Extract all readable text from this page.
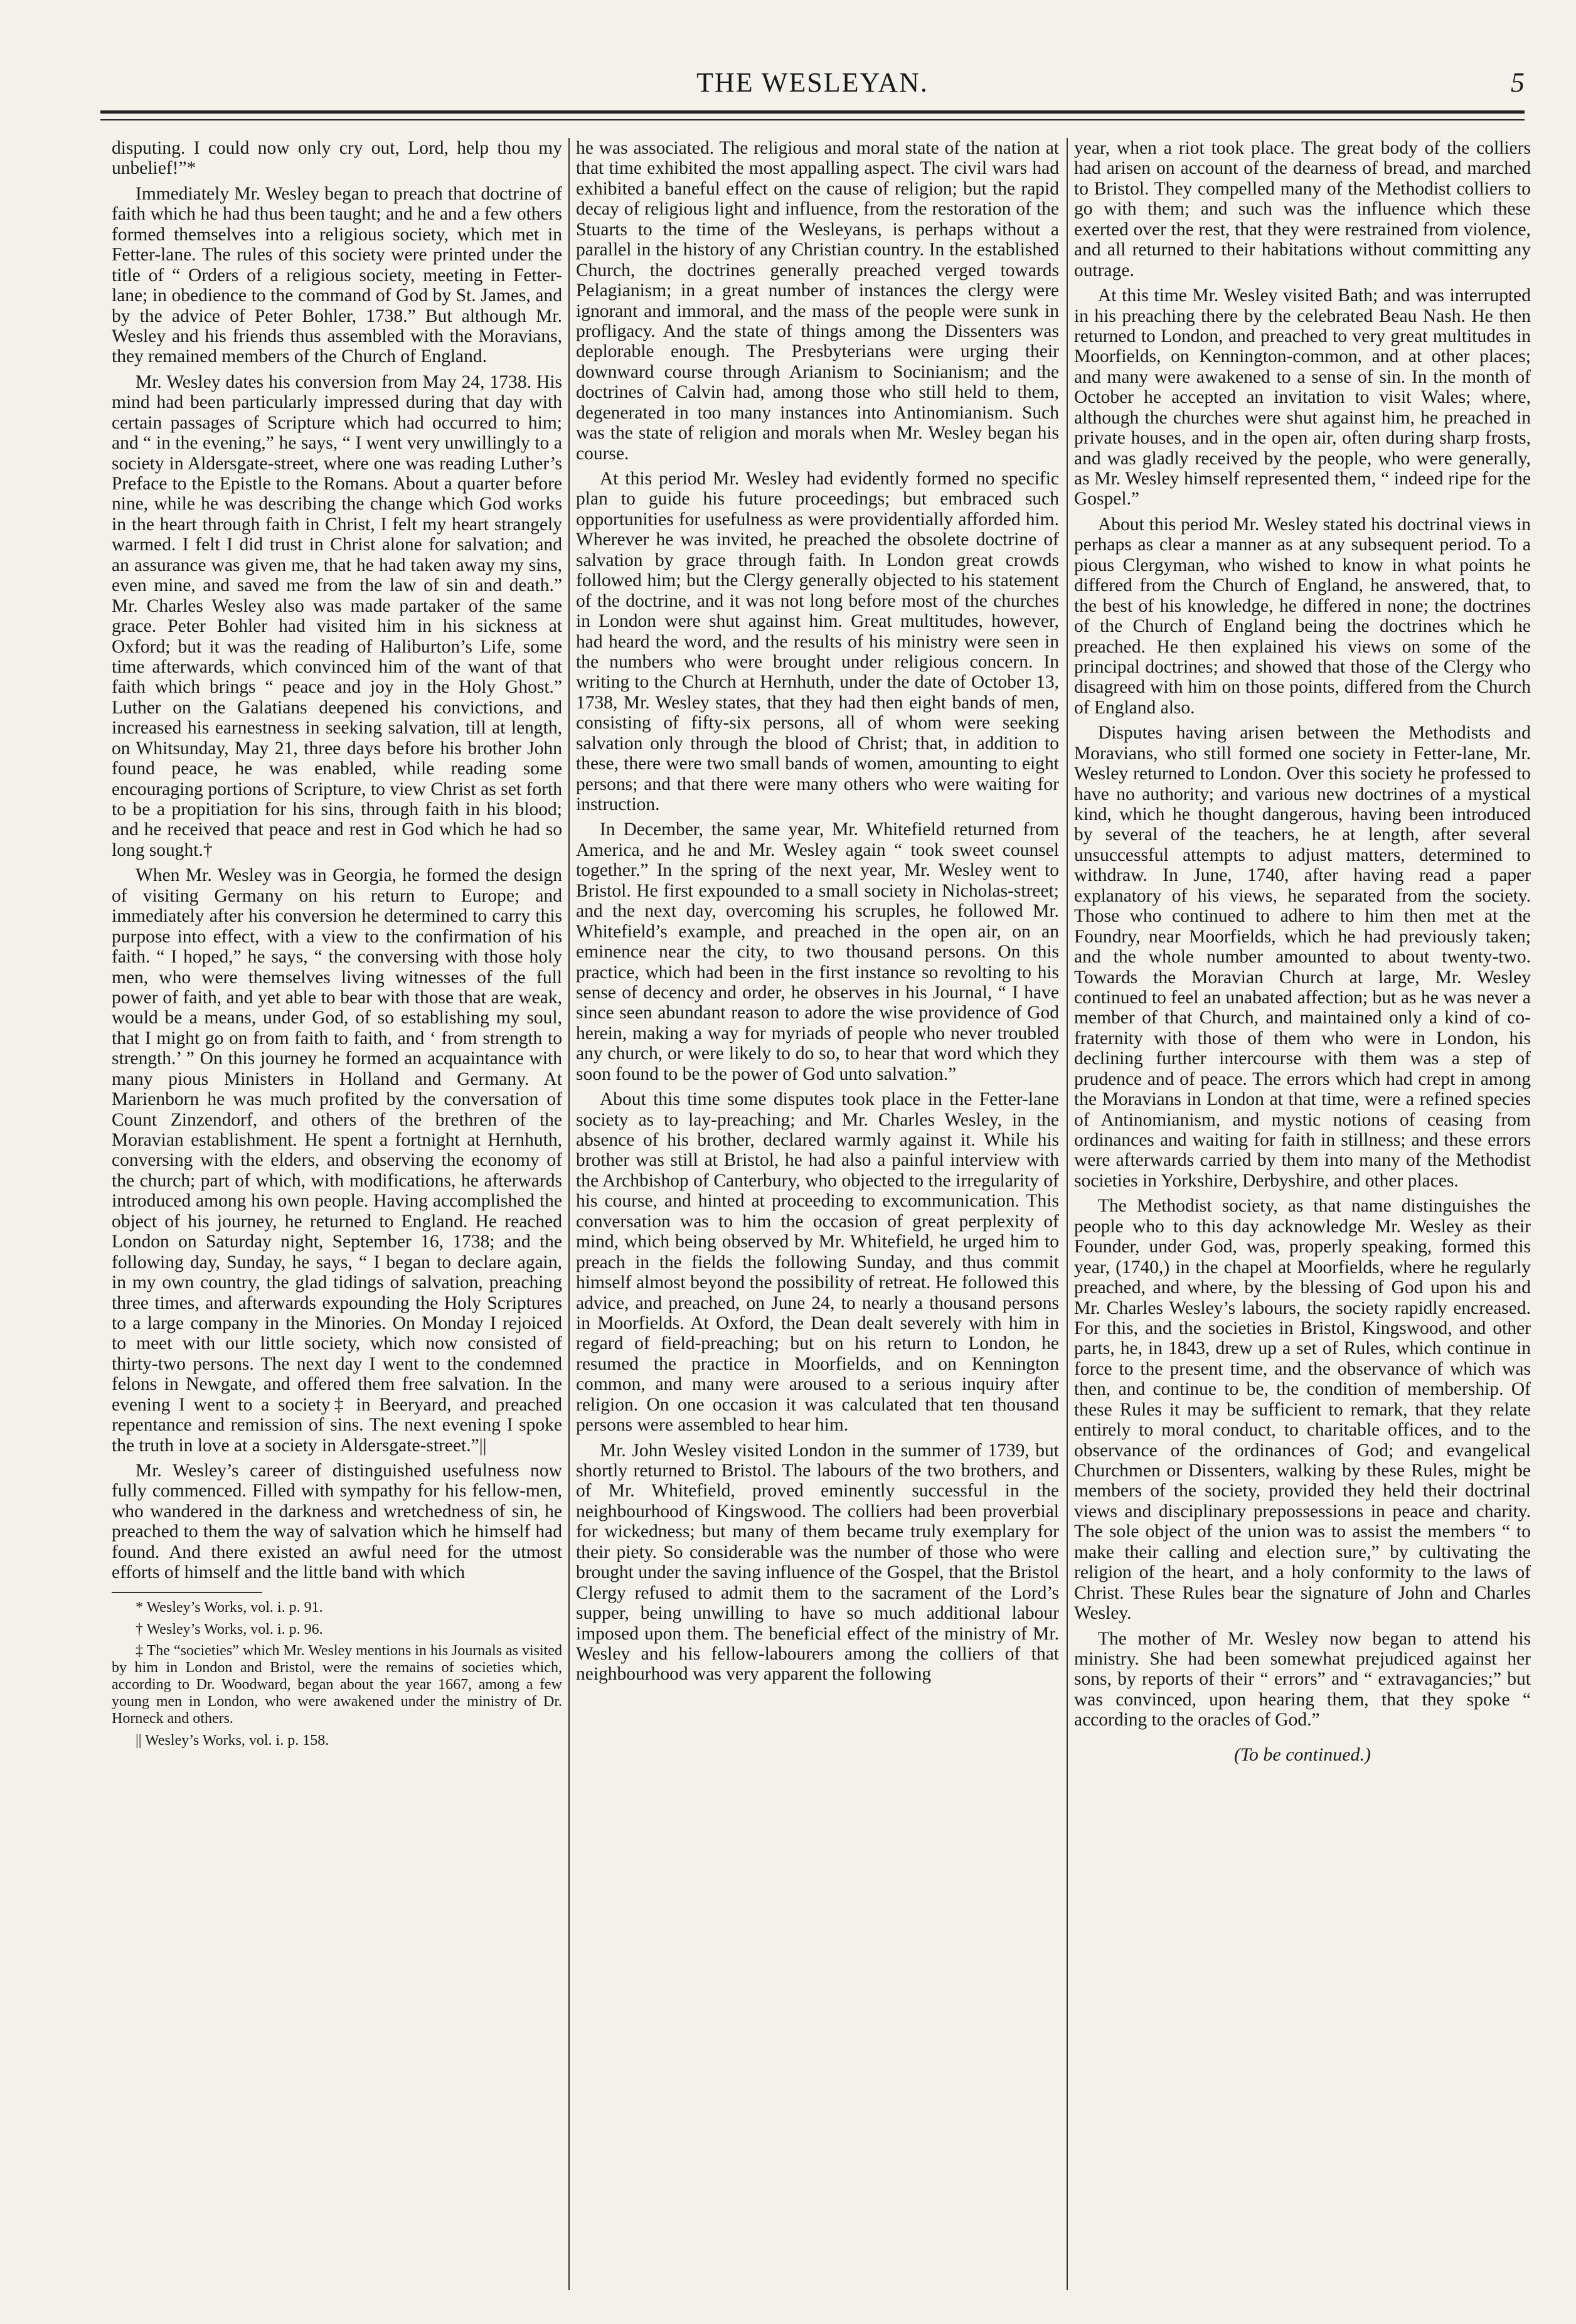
THE WESLEYAN.	5

disputing. I could now only cry out, Lord, help thou my unbelief!”*

Immediately Mr. Wesley began to preach that doctrine of faith which he had thus been taught; and he and a few others formed themselves into a religious society, which met in Fetter-lane. The rules of this society were printed under the title of “ Orders of a religious society, meeting in Fetter-lane; in obedience to the command of God by St. James, and by the advice of Peter Bohler, 1738.” But although Mr. Wesley and his friends thus assembled with the Moravians, they remained members of the Church of England.

Mr. Wesley dates his conversion from May 24, 1738. His mind had been particularly impressed during that day with certain passages of Scripture which had occurred to him; and “ in the evening,” he says, “ I went very unwillingly to a society in Aldersgate-street, where one was reading Luther’s Preface to the Epistle to the Romans. About a quarter before nine, while he was describing the change which God works in the heart through faith in Christ, I felt my heart strangely warmed. I felt I did trust in Christ alone for salvation; and an assurance was given me, that he had taken away my sins, even mine, and saved me from the law of sin and death.” Mr. Charles Wesley also was made partaker of the same grace. Peter Bohler had visited him in his sickness at Oxford; but it was the reading of Haliburton’s Life, some time afterwards, which convinced him of the want of that faith which brings “ peace and joy in the Holy Ghost.” Luther on the Galatians deepened his convictions, and increased his earnestness in seeking salvation, till at length, on Whitsunday, May 21, three days before his brother John found peace, he was enabled, while reading some encouraging portions of Scripture, to view Christ as set forth to be a propitiation for his sins, through faith in his blood; and he received that peace and rest in God which he had so long sought.†

When Mr. Wesley was in Georgia, he formed the design of visiting Germany on his return to Europe; and immediately after his conversion he determined to carry this purpose into effect, with a view to the confirmation of his faith. “ I hoped,” he says, “ the conversing with those holy men, who were themselves living witnesses of the full power of faith, and yet able to bear with those that are weak, would be a means, under God, of so establishing my soul, that I might go on from faith to faith, and ‘ from strength to strength.’ ” On this journey he formed an acquaintance with many pious Ministers in Holland and Germany. At Marienborn he was much profited by the conversation of Count Zinzendorf, and others of the brethren of the Moravian establishment. He spent a fortnight at Hernhuth, conversing with the elders, and observing the economy of the church; part of which, with modifications, he afterwards introduced among his own people. Having accomplished the object of his journey, he returned to England. He reached London on Saturday night, September 16, 1738; and the following day, Sunday, he says, “ I began to declare again, in my own country, the glad tidings of salvation, preaching three times, and afterwards expounding the Holy Scriptures to a large company in the Minories. On Monday I rejoiced to meet with our little society, which now consisted of thirty-two persons. The next day I went to the condemned felons in Newgate, and offered them free salvation. In the evening I went to a society‡ in Beeryard, and preached repentance and remission of sins. The next evening I spoke the truth in love at a society in Aldersgate-street.”||

Mr. Wesley’s career of distinguished usefulness now fully commenced. Filled with sympathy for his fellow-men, who wandered in the darkness and wretchedness of sin, he preached to them the way of salvation which he himself had found. And there existed an awful need for the utmost efforts of himself and the little band with which

* Wesley’s Works, vol. i. p. 91.

† Wesley’s Works, vol. i. p. 96.

‡ The “societies” which Mr. Wesley mentions in his Journals as visited by him in London and Bristol, were the remains of societies which, according to Dr. Woodward, began about the year 1667, among a few young men in London, who were awakened under the ministry of Dr. Horneck and others.

|| Wesley’s Works, vol. i. p. 158.

he was associated. The religious and moral state of the nation at that time exhibited the most appalling aspect. The civil wars had exhibited a baneful effect on the cause of religion; but the rapid decay of religious light and influence, from the restoration of the Stuarts to the time of the Wesleyans, is perhaps without a parallel in the history of any Christian country. In the established Church, the doctrines generally preached verged towards Pelagianism; in a great number of instances the clergy were ignorant and immoral, and the mass of the people were sunk in profligacy. And the state of things among the Dissenters was deplorable enough. The Presbyterians were urging their downward course through Arianism to Socinianism; and the doctrines of Calvin had, among those who still held to them, degenerated in too many instances into Antinomianism. Such was the state of religion and morals when Mr. Wesley began his course.

At this period Mr. Wesley had evidently formed no specific plan to guide his future proceedings; but embraced such opportunities for usefulness as were providentially afforded him. Wherever he was invited, he preached the obsolete doctrine of salvation by grace through faith. In London great crowds followed him; but the Clergy generally objected to his statement of the doctrine, and it was not long before most of the churches in London were shut against him. Great multitudes, however, had heard the word, and the results of his ministry were seen in the numbers who were brought under religious concern. In writing to the Church at Hernhuth, under the date of October 13, 1738, Mr. Wesley states, that they had then eight bands of men, consisting of fifty-six persons, all of whom were seeking salvation only through the blood of Christ; that, in addition to these, there were two small bands of women, amounting to eight persons; and that there were many others who were waiting for instruction.

In December, the same year, Mr. Whitefield returned from America, and he and Mr. Wesley again “ took sweet counsel together.” In the spring of the next year, Mr. Wesley went to Bristol. He first expounded to a small society in Nicholas-street; and the next day, overcoming his scruples, he followed Mr. Whitefield’s example, and preached in the open air, on an eminence near the city, to two thousand persons. On this practice, which had been in the first instance so revolting to his sense of decency and order, he observes in his Journal, “ I have since seen abundant reason to adore the wise providence of God herein, making a way for myriads of people who never troubled any church, or were likely to do so, to hear that word which they soon found to be the power of God unto salvation.”

About this time some disputes took place in the Fetter-lane society as to lay-preaching; and Mr. Charles Wesley, in the absence of his brother, declared warmly against it. While his brother was still at Bristol, he had also a painful interview with the Archbishop of Canterbury, who objected to the irregularity of his course, and hinted at proceeding to excommunication. This conversation was to him the occasion of great perplexity of mind, which being observed by Mr. Whitefield, he urged him to preach in the fields the following Sunday, and thus commit himself almost beyond the possibility of retreat. He followed this advice, and preached, on June 24, to nearly a thousand persons in Moorfields. At Oxford, the Dean dealt severely with him in regard of field-preaching; but on his return to London, he resumed the practice in Moorfields, and on Kennington common, and many were aroused to a serious inquiry after religion. On one occasion it was calculated that ten thousand persons were assembled to hear him.

Mr. John Wesley visited London in the summer of 1739, but shortly returned to Bristol. The labours of the two brothers, and of Mr. Whitefield, proved eminently successful in the neighbourhood of Kingswood. The colliers had been proverbial for wickedness; but many of them became truly exemplary for their piety. So considerable was the number of those who were brought under the saving influence of the Gospel, that the Bristol Clergy refused to admit them to the sacrament of the Lord’s supper, being unwilling to have so much additional labour imposed upon them. The beneficial effect of the ministry of Mr. Wesley and his fellow-labourers among the colliers of that neighbourhood was very apparent the following

year, when a riot took place. The great body of the colliers had arisen on account of the dearness of bread, and marched to Bristol. They compelled many of the Methodist colliers to go with them; and such was the influence which these exerted over the rest, that they were restrained from violence, and all returned to their habitations without committing any outrage.

At this time Mr. Wesley visited Bath; and was interrupted in his preaching there by the celebrated Beau Nash. He then returned to London, and preached to very great multitudes in Moorfields, on Kennington-common, and at other places; and many were awakened to a sense of sin. In the month of October he accepted an invitation to visit Wales; where, although the churches were shut against him, he preached in private houses, and in the open air, often during sharp frosts, and was gladly received by the people, who were generally, as Mr. Wesley himself represented them, “ indeed ripe for the Gospel.”

About this period Mr. Wesley stated his doctrinal views in perhaps as clear a manner as at any subsequent period. To a pious Clergyman, who wished to know in what points he differed from the Church of England, he answered, that, to the best of his knowledge, he differed in none; the doctrines of the Church of England being the doctrines which he preached. He then explained his views on some of the principal doctrines; and showed that those of the Clergy who disagreed with him on those points, differed from the Church of England also.

Disputes having arisen between the Methodists and Moravians, who still formed one society in Fetter-lane, Mr. Wesley returned to London. Over this society he professed to have no authority; and various new doctrines of a mystical kind, which he thought dangerous, having been introduced by several of the teachers, he at length, after several unsuccessful attempts to adjust matters, determined to withdraw. In June, 1740, after having read a paper explanatory of his views, he separated from the society. Those who continued to adhere to him then met at the Foundry, near Moorfields, which he had previously taken; and the whole number amounted to about twenty-two. Towards the Moravian Church at large, Mr. Wesley continued to feel an unabated affection; but as he was never a member of that Church, and maintained only a kind of co-fraternity with those of them who were in London, his declining further intercourse with them was a step of prudence and of peace. The errors which had crept in among the Moravians in London at that time, were a refined species of Antinomianism, and mystic notions of ceasing from ordinances and waiting for faith in stillness; and these errors were afterwards carried by them into many of the Methodist societies in Yorkshire, Derbyshire, and other places.

The Methodist society, as that name distinguishes the people who to this day acknowledge Mr. Wesley as their Founder, under God, was, properly speaking, formed this year, (1740,) in the chapel at Moorfields, where he regularly preached, and where, by the blessing of God upon his and Mr. Charles Wesley’s labours, the society rapidly encreased. For this, and the societies in Bristol, Kingswood, and other parts, he, in 1843, drew up a set of Rules, which continue in force to the present time, and the observance of which was then, and continue to be, the condition of membership. Of these Rules it may be sufficient to remark, that they relate entirely to moral conduct, to charitable offices, and to the observance of the ordinances of God; and evangelical Churchmen or Dissenters, walking by these Rules, might be members of the society, provided they held their doctrinal views and disciplinary prepossessions in peace and charity. The sole object of the union was to assist the members “ to make their calling and election sure,” by cultivating the religion of the heart, and a holy conformity to the laws of Christ. These Rules bear the signature of John and Charles Wesley.

The mother of Mr. Wesley now began to attend his ministry. She had been somewhat prejudiced against her sons, by reports of their “ errors” and “ extravagancies;” but was convinced, upon hearing them, that they spoke “ according to the oracles of God.”

(To be continued.)
